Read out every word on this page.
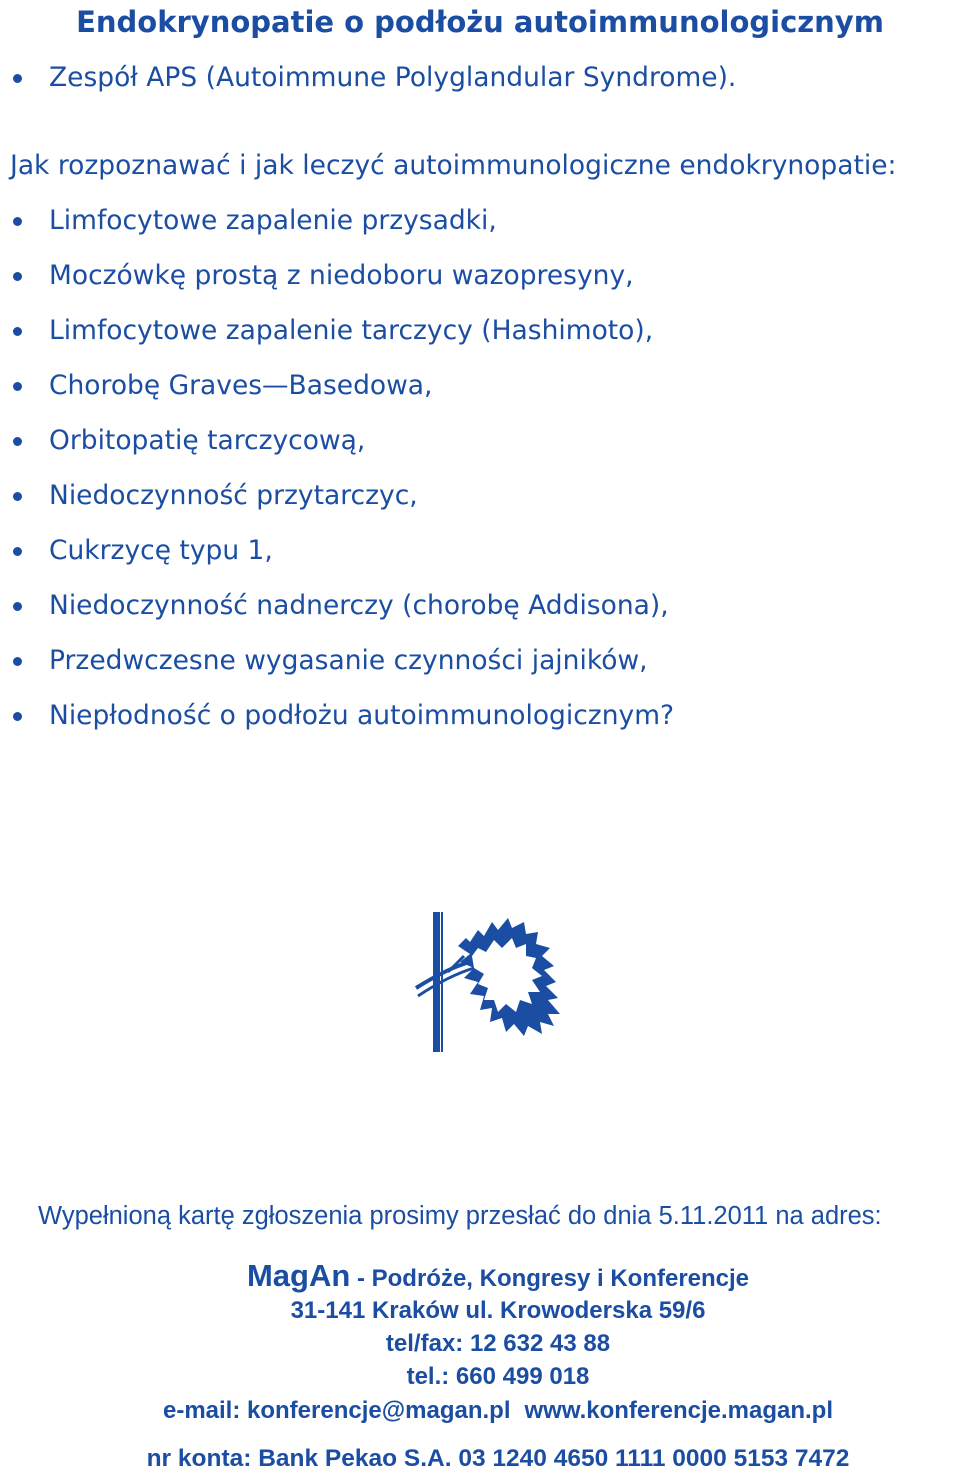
Endokrynopatie o podłożu autoimmunologicznym
Zespół APS (Autoimmune Polyglandular Syndrome).
Jak rozpoznawać i jak leczyć autoimmunologiczne endokrynopatie:
Limfocytowe zapalenie przysadki,
Moczówkę prostą z niedoboru wazopresyny,
Limfocytowe zapalenie tarczycy (Hashimoto),
Chorobę Graves—Basedowa,
Orbitopatię tarczycową,
Niedoczynność przytarczyc,
Cukrzycę typu 1,
Niedoczynność nadnerczy (chorobę Addisona),
Przedwczesne wygasanie czynności jajników,
Niepłodność o podłożu autoimmunologicznym?
Wypełnioną kartę zgłoszenia prosimy przesłać do dnia 5.11.2011 na adres:
MagAn - Podróże, Kongresy i Konferencje
31-141 Kraków ul. Krowoderska 59/6
tel/fax: 12 632 43 88
tel.: 660 499 018
e-mail: konferencje@magan.pl www.konferencje.magan.pl
nr konta: Bank Pekao S.A. 03 1240 4650 1111 0000 5153 7472
